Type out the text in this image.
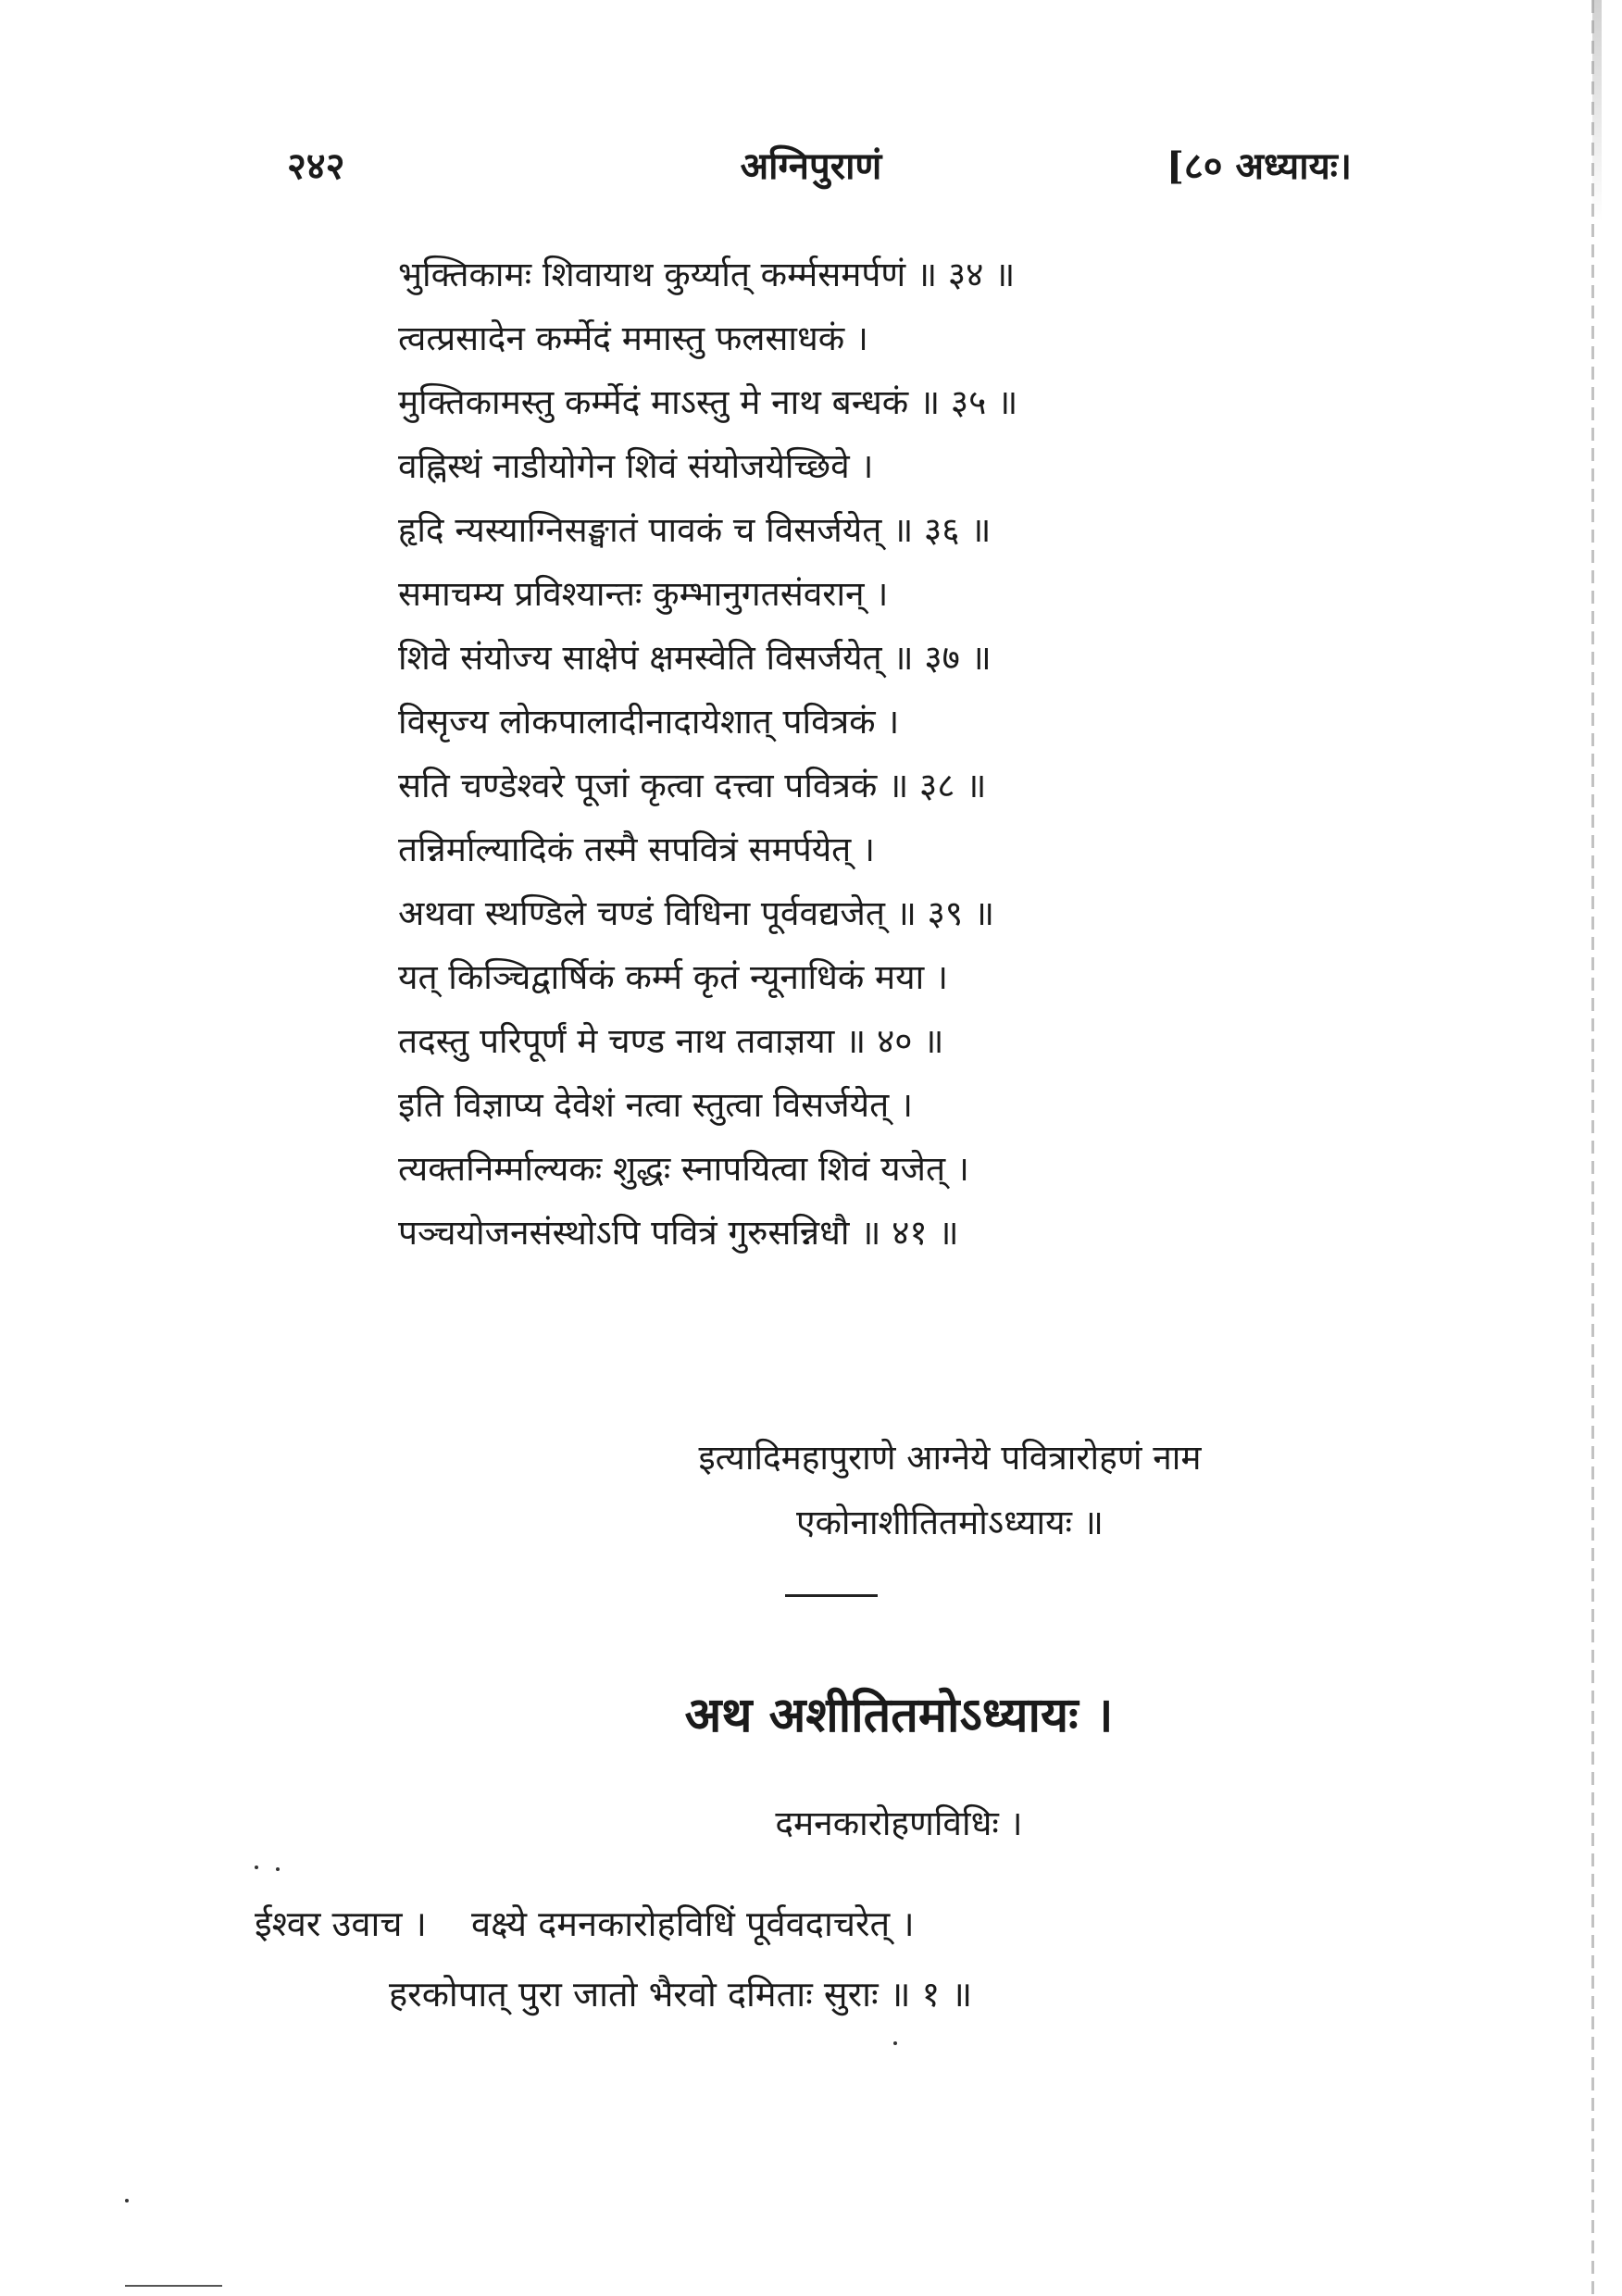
२४२	अग्निपुराणं	[८० अध्यायः।
भुक्तिकामः शिवायाथ कुर्य्यात् कर्म्मसमर्पणं ॥ ३४ ॥
त्वत्प्रसादेन कर्म्मेदं ममास्तु फलसाधकं ।
मुक्तिकामस्तु कर्म्मेदं माऽस्तु मे नाथ बन्धकं ॥ ३५ ॥
वह्निस्थं नाडीयोगेन शिवं संयोजयेच्छिवे ।
हृदि न्यस्याग्निसङ्घातं पावकं च विसर्जयेत् ॥ ३६ ॥
समाचम्य प्रविश्यान्तः कुम्भानुगतसंवरान् ।
शिवे संयोज्य साक्षेपं क्षमस्वेति विसर्जयेत् ॥ ३७ ॥
विसृज्य लोकपालादीनादायेशात् पवित्रकं ।
सति चण्डेश्वरे पूजां कृत्वा दत्त्वा पवित्रकं ॥ ३८ ॥
तन्निर्माल्यादिकं तस्मै सपवित्रं समर्पयेत् ।
अथवा स्थण्डिले चण्डं विधिना पूर्ववद्यजेत् ॥ ३९ ॥
यत् किञ्चिद्वार्षिकं कर्म्म कृतं न्यूनाधिकं मया ।
तदस्तु परिपूर्णं मे चण्ड नाथ तवाज्ञया ॥ ४० ॥
इति विज्ञाप्य देवेशं नत्वा स्तुत्वा विसर्जयेत् ।
त्यक्तनिर्म्माल्यकः शुद्धः स्नापयित्वा शिवं यजेत् ।
पञ्चयोजनसंस्थोऽपि पवित्रं गुरुसन्निधौ ॥ ४१ ॥
इत्यादिमहापुराणे आग्नेये पवित्रारोहणं नाम
एकोनाशीतितमोऽध्यायः ॥
अथ अशीतितमोऽध्यायः ।
दमनकारोहणविधिः ।
ईश्वर उवाच । वक्ष्ये दमनकारोहविधिं पूर्ववदाचरेत् ।
हरकोपात् पुरा जातो भैरवो दमिताः सुराः ॥ १ ॥
